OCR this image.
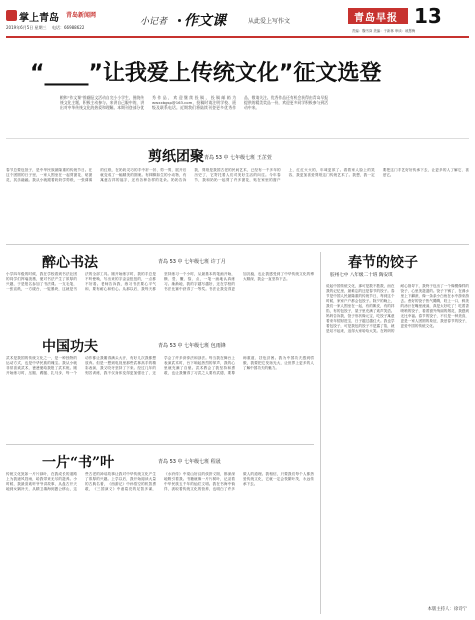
掌上青岛 青岛新闻网
2019年6月5日 星期三 电话：66988622
小记者 作文课	从此爱上写作文	青岛早报 13
责编：魏书岗 美编：于新林 审读：戚慧梅
“____”让我爱上传统文化”征文选登
粮和“作文课”推翻征文活动自完小小学生，围绕传统文化主题，积极主动参与。来讲自己眼中的，讲出对中华传统文化的热爱和理解。本期刊登部分优秀作品，欢迎继续投稿，投稿邮箱为wwxxbgsp@163.com，投稿时请注明学校、班级及联系电话。近期我们将陆续刊登更多优秀作品，敬请关注。优秀作品还有机会获得由青岛早报提供的精美奖品一份，欢迎更多同学积极参与到活动中来。
剪纸团聚 青岛 53 中 七年级七班 王芷萱
春节总要包饺子，是中华民族最隆重的传统节日。在这个团圆的日子里，一家人围坐在一起剪窗花、贴窗花，其乐融融。我从小就跟着奶奶学剪纸，一张薄薄的红纸，在奶奶灵巧的手中折一折、剪一剪，展开后就变成了一幅精美的图案。有栩栩如生的小动物，有寓意吉祥的福字，还有各种各样的花朵。奶奶告诉我，剪纸是我国古老的民间艺术，已经有一千多年的历史了，它寄托着人们对美好生活的向往。今年春节，我和奶奶一起剪了许多窗花，贴在家里的窗户上，红红火火的，年味更浓了。看着家人脸上的笑容，我更加喜爱剪纸这门传统艺术了。我想，我一定要把这门手艺好好传承下去，让更多的人了解它、喜爱它。
醉心书法	青岛 53 中 七年级七班 许丁月
小学四年级的时候，我在学校看到书法社团的同学们挥毫泼墨，便对书法产生了浓厚的兴趣，于是报名参加了书法课。一支毛笔，一张宣纸，一方砚台，一锭墨块，这就是书法的全部工具。刚开始练字时，我的手总是不听使唤，写出来的字歪歪扭扭的，一点都不好看。老师告诉我，练习书法要心平气和，要有耐心和恒心。从那以后，我每天都坚持练习一个小时，从最基本的笔画开始，横、竖、撇、捺、点，一笔一画地认真练习。渐渐地，我的字越写越好，还在学校的书法比赛中获得了一等奖。书法让我变得更加沉稳，也让我感受到了中华传统文化的博大精深，我会一直坚持下去。
中国功夫	青岛 53 中 七年级七班 包雨锋
武术是我国的传统文化之一，是一种独特的运动方式，也是中华民族的瑰宝。我从小就非常喜欢武术，爸爸便给我报了武术班。刚开始练习时，压腿、踢腿、扎马步，每一个动作都让我累得满头大汗，有好几次我都想放弃。但是一想到电视里那些武林高手的精彩表演，我又咬牙坚持了下来。经过几年的刻苦训练，我不仅身体变得更加强壮了，还学会了许多套拳法和剑法。每当我在舞台上表演武术时，台下响起热烈的掌声，我的心里就充满了自豪。武术教会了我坚持和勇敢，也让我懂得了习武之人要有武德，要尊师重道、扶危济困。我为中国功夫感到骄傲，我要把它发扬光大，让世界上更多的人了解中国功夫的魅力。
一片“书”叶	青岛 53 中 七年级七班 程晟
传统文化犹如一片片绿叶，在我成长的道路上为我遮风挡雨，给我带来无尽的滋养。小时候，我最喜欢听爷爷讲故事，从盘古开天地到女娲补天，从精卫填海到愚公移山，这些古老的神话故事让我对中华传统文化产生了浓厚的兴趣。上学以后，我开始阅读大量的古典名著，《西游记》中孙悟空的机智勇敢，《三国演义》中诸葛亮的足智多谋，《水浒传》中梁山好汉的侠肝义胆，都深深地吸引着我。书籍就像一片片树叶，记录着中华民族五千年的灿烂文明。我在书海中徜徉，汲取着传统文化的营养，也明白了许多做人的道理。我相信，只要我们每个人都热爱传统文化，它就一定会枝繁叶茂，永远传承下去。
春节的饺子
胶州七中 八年级二十班 陶安琪
说起中国传统文化，那可是数不胜数，而在我的记忆里，最难忘的还是春节的饺子。春节是中国人民最隆重的传统节日，每到这个时候，家家户户都会包饺子。除夕的晚上，我们一家人围坐在一起，有的擀皮，有的拌馅，有的包饺子，屋子里充满了欢声笑语。妈妈告诉我，饺子形状像元宝，吃饺子寓意着来年招财进宝，日子越过越红火。我也学着包饺子，可是我包的饺子不是露了馅，就是站不起来，逗得大家哈哈大笑。在妈妈的耐心指导下，我终于包出了一个像模像样的饺子，心里美滋滋的。饺子下锅了，在沸水里上下翻滚，像一条条小白鱼在水中游来游去。煮好的饺子热气腾腾，咬上一口，鲜美的汤汁在嘴里流淌，真是太好吃了！吃着香喷喷的饺子，看着窗外绚丽的烟花，我感到无比幸福。春节的饺子，不仅是一种美食，更是一家人团圆的象征，我爱春节的饺子，更爱中国的传统文化。
本版主持人：徐诗宁
